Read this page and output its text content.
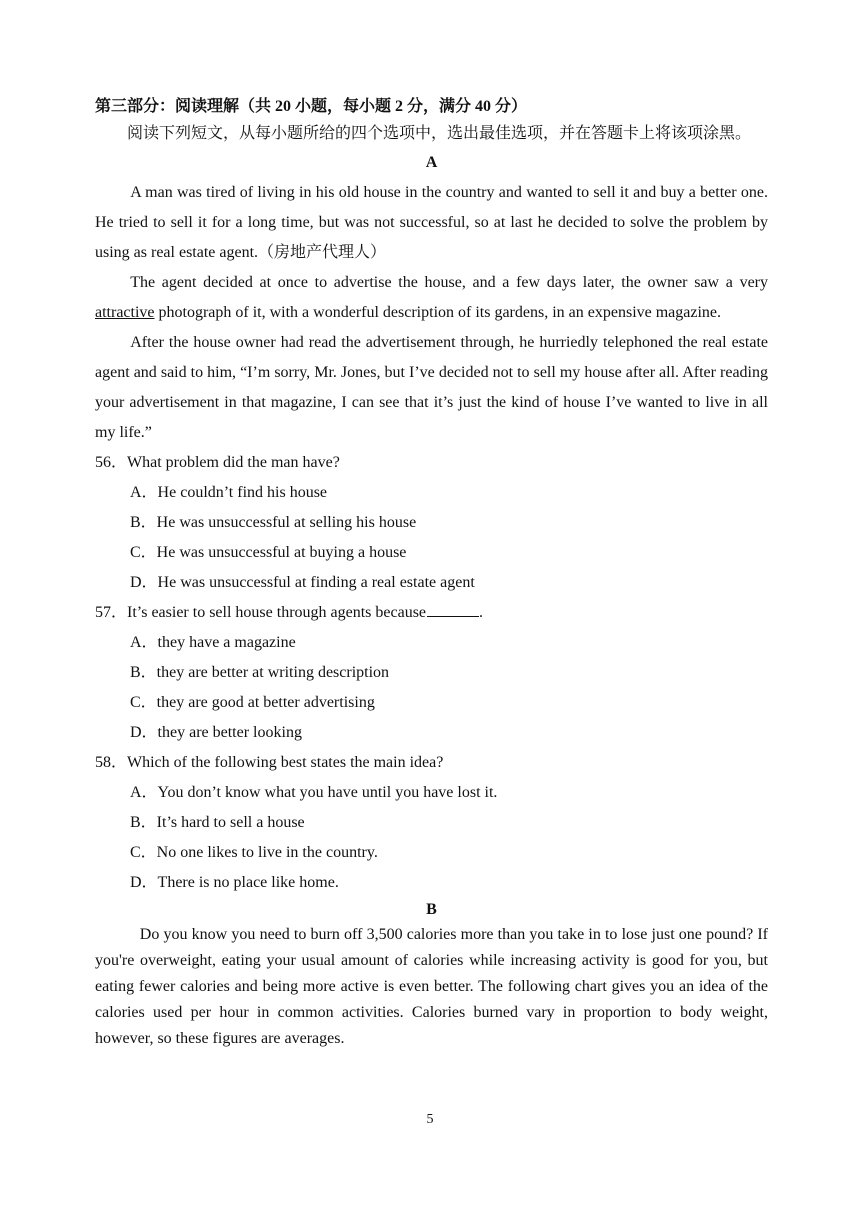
第三部分：阅读理解（共 20 小题，每小题 2 分，满分 40 分）

阅读下列短文，从每小题所给的四个选项中，选出最佳选项，并在答题卡上将该项涂黑。

A

A man was tired of living in his old house in the country and wanted to sell it and buy a better one. He tried to sell it for a long time, but was not successful, so at last he decided to solve the problem by using as real estate agent.（房地产代理人）

The agent decided at once to advertise the house, and a few days later, the owner saw a very attractive photograph of it, with a wonderful description of its gardens, in an expensive magazine.

After the house owner had read the advertisement through, he hurriedly telephoned the real estate agent and said to him, “I’m sorry, Mr. Jones, but I’ve decided not to sell my house after all. After reading your advertisement in that magazine, I can see that it’s just the kind of house I’ve wanted to live in all my life.”

56．What problem did the man have?

A．He couldn’t find his house

B．He was unsuccessful at selling his house

C．He was unsuccessful at buying a house

D．He was unsuccessful at finding a real estate agent

57．It’s easier to sell house through agents because	.

A．they have a magazine

B．they are better at writing description

C．they are good at better advertising

D．they are better looking

58．Which of the following best states the main idea?

A．You don’t know what you have until you have lost it.

B．It’s hard to sell a house

C．No one likes to live in the country.

D．There is no place like home.

B

Do you know you need to burn off 3,500 calories more than you take in to lose just one pound? If you're overweight, eating your usual amount of calories while increasing activity is good for you, but eating fewer calories and being more active is even better. The following chart gives you an idea of the calories used per hour in common activities. Calories burned vary in proportion to body weight, however, so these figures are averages.

5
